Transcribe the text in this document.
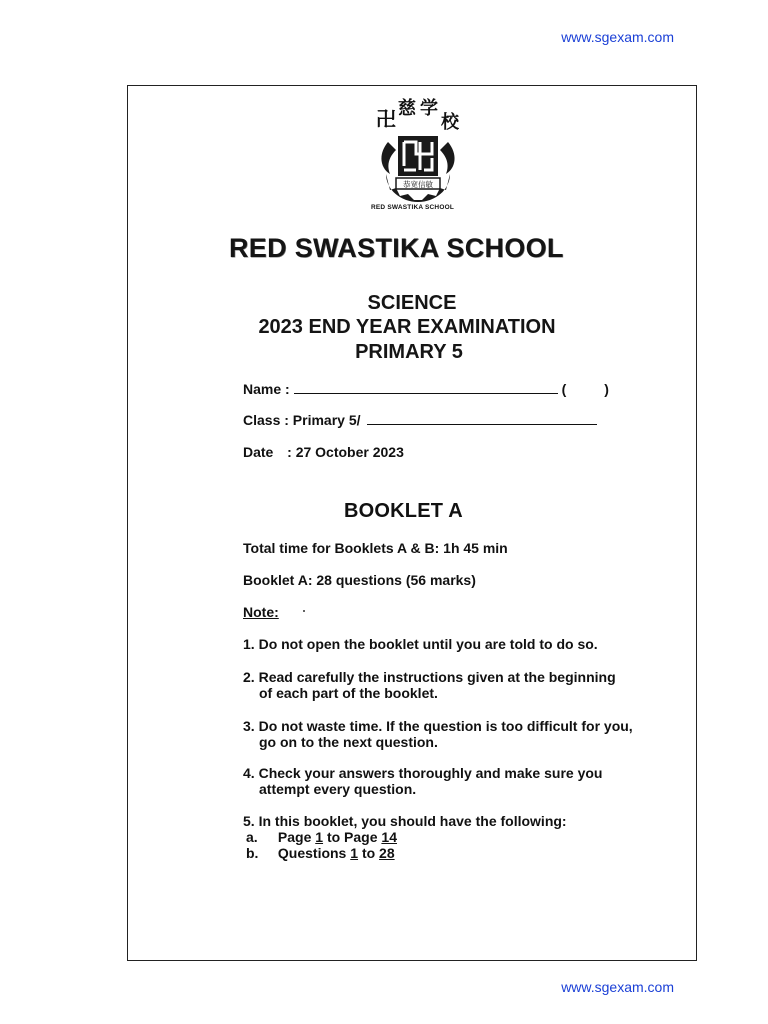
www.sgexam.com
卍 慈 学
校
恭宽信敏
RED SWASTIKA SCHOOL
RED SWASTIKA SCHOOL
SCIENCE
2023 END YEAR EXAMINATION
PRIMARY 5
Name :	(	)
Class : Primary 5/
Date : 27 October 2023
BOOKLET A
Total time for Booklets A & B: 1h 45 min
Booklet A: 28 questions (56 marks)
Note:
1. Do not open the booklet until you are told to do so.
2. Read carefully the instructions given at the beginning
of each part of the booklet.
3. Do not waste time. If the question is too difficult for you,
go on to the next question.
4. Check your answers thoroughly and make sure you
attempt every question.
5. In this booklet, you should have the following:
a. Page 1 to Page 14
b. Questions 1 to 28
www.sgexam.com
